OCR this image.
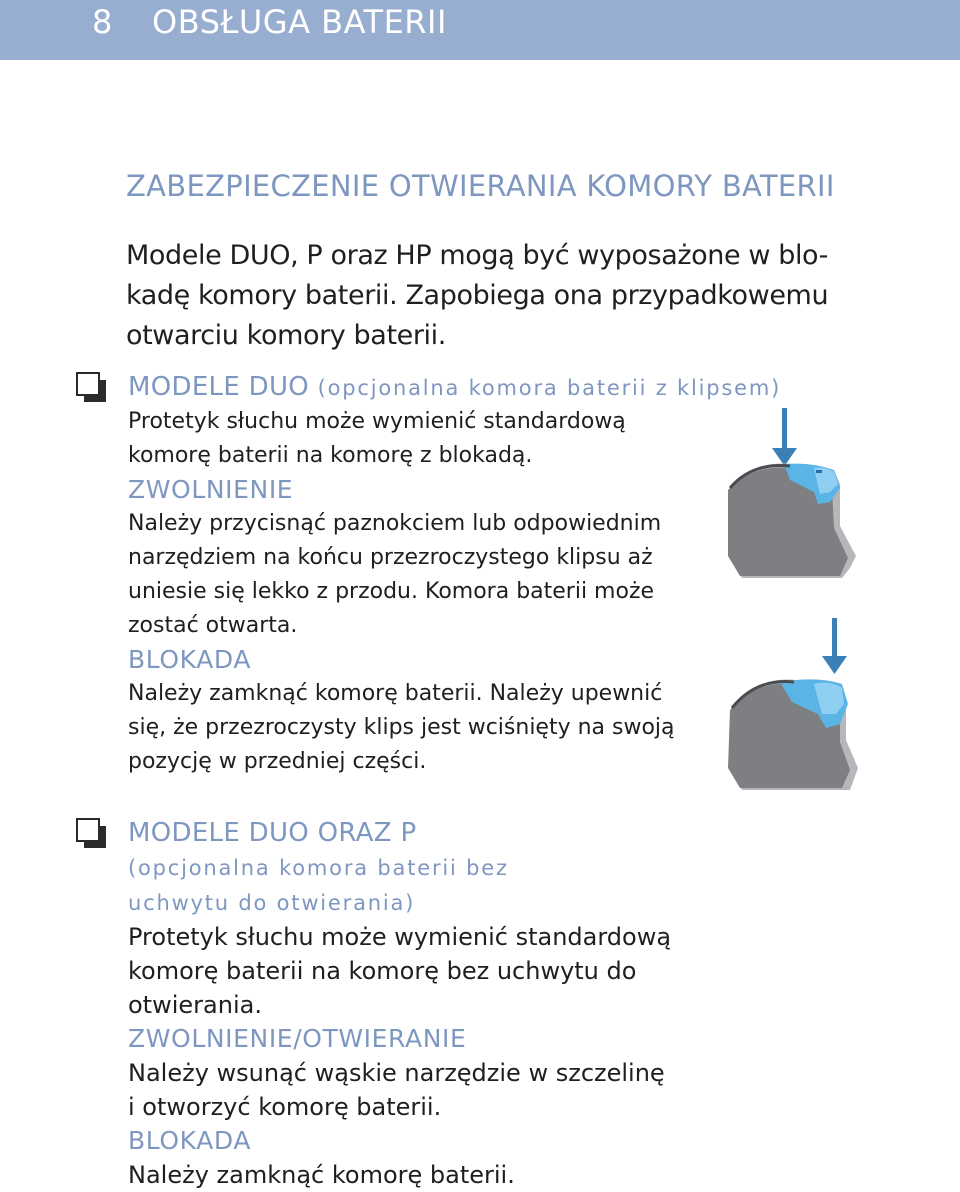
8 OBSŁUGA BATERII
ZABEZPIECZENIE OTWIERANIA KOMORY BATERII
Modele DUO, P oraz HP mogą być wyposażone w blo-
kadę komory baterii. Zapobiega ona przypadkowemu
otwarciu komory baterii.
MODELE DUO (opcjonalna komora baterii z klipsem)
Protetyk słuchu może wymienić standardową
komorę baterii na komorę z blokadą.
ZWOLNIENIE
Należy przycisnąć paznokciem lub odpowiednim
narzędziem na końcu przezroczystego klipsu aż
uniesie się lekko z przodu. Komora baterii może
zostać otwarta.
BLOKADA
Należy zamknąć komorę baterii. Należy upewnić
się, że przezroczysty klips jest wciśnięty na swoją
pozycję w przedniej części.
MODELE DUO ORAZ P
(opcjonalna komora baterii bez
uchwytu do otwierania)
Protetyk słuchu może wymienić standardową
komorę baterii na komorę bez uchwytu do
otwierania.
ZWOLNIENIE/OTWIERANIE
Należy wsunąć wąskie narzędzie w szczelinę
i otworzyć komorę baterii.
BLOKADA
Należy zamknąć komorę baterii.
